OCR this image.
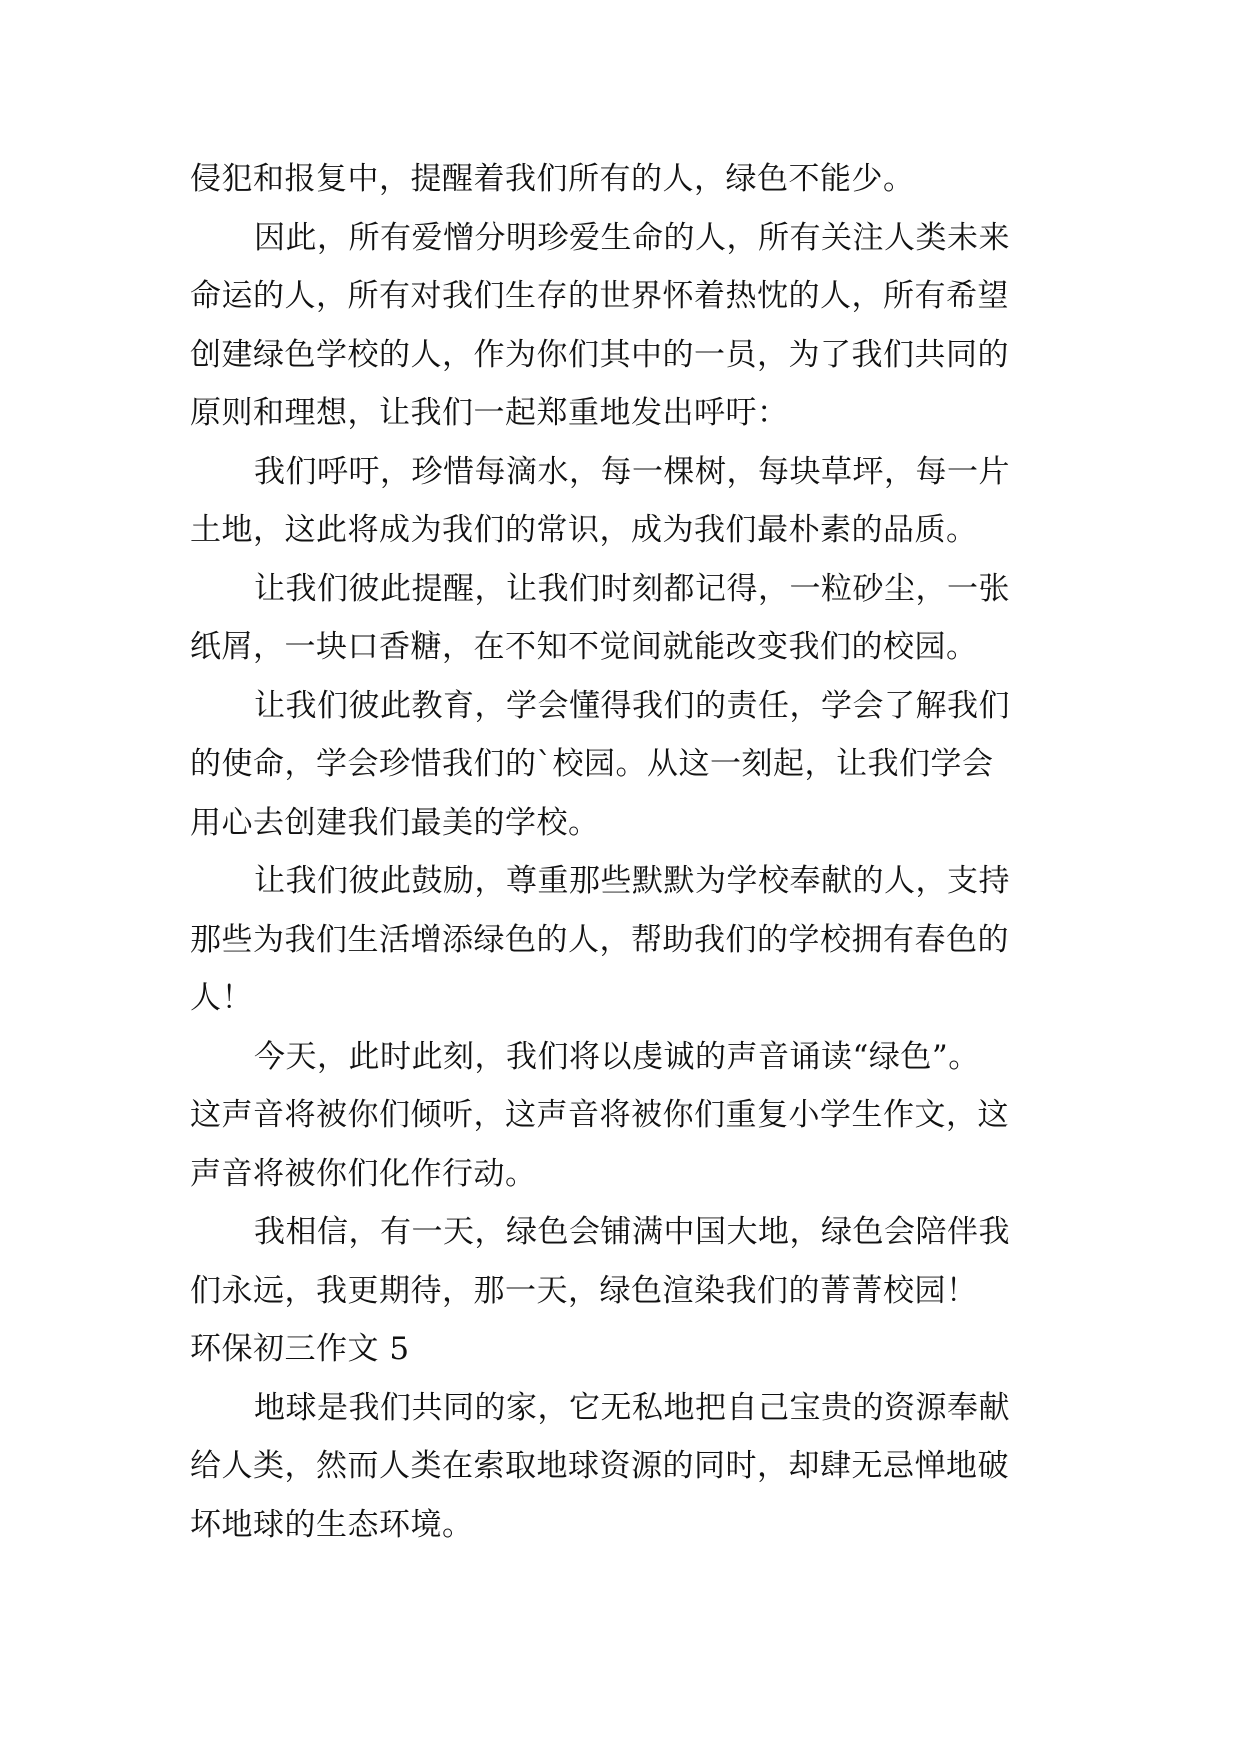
侵犯和报复中，提醒着我们所有的人，绿色不能少。
因此，所有爱憎分明珍爱生命的人，所有关注人类未来
命运的人，所有对我们生存的世界怀着热忱的人，所有希望
创建绿色学校的人，作为你们其中的一员，为了我们共同的
原则和理想，让我们一起郑重地发出呼吁：
我们呼吁，珍惜每滴水，每一棵树，每块草坪，每一片
土地，这此将成为我们的常识，成为我们最朴素的品质。
让我们彼此提醒，让我们时刻都记得，一粒砂尘，一张
纸屑，一块口香糖，在不知不觉间就能改变我们的校园。
让我们彼此教育，学会懂得我们的责任，学会了解我们
的使命，学会珍惜我们的`校园。从这一刻起，让我们学会
用心去创建我们最美的学校。
让我们彼此鼓励，尊重那些默默为学校奉献的人，支持
那些为我们生活增添绿色的人，帮助我们的学校拥有春色的
人！
今天，此时此刻，我们将以虔诚的声音诵读“绿色”。
这声音将被你们倾听，这声音将被你们重复小学生作文，这
声音将被你们化作行动。
我相信，有一天，绿色会铺满中国大地，绿色会陪伴我
们永远，我更期待，那一天，绿色渲染我们的菁菁校园！
环保初三作文 5
地球是我们共同的家，它无私地把自己宝贵的资源奉献
给人类，然而人类在索取地球资源的同时，却肆无忌惮地破
坏地球的生态环境。
